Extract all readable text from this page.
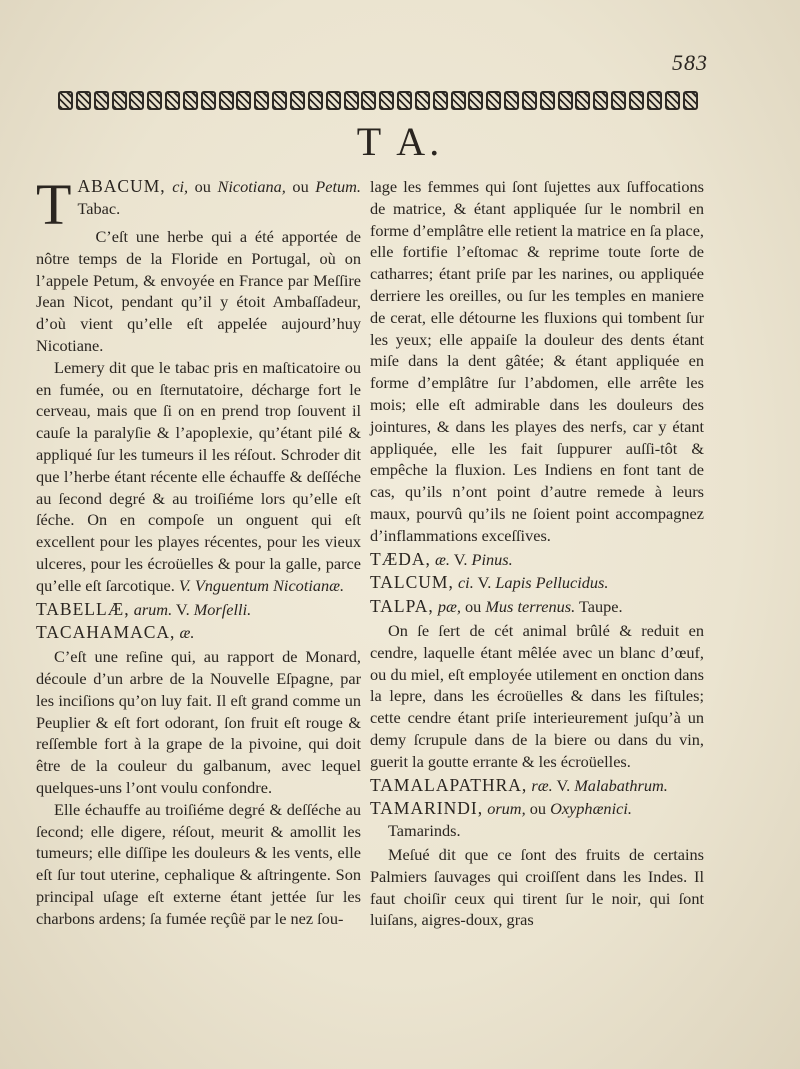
583
T A.
T ABACUM, ci, ou Nicotiana, ou Petum. Tabac.

C’eſt une herbe qui a été apportée de nôtre temps de la Floride en Portugal, où on l’appele Petum, & envoyée en France par Meſſire Jean Nicot, pendant qu’il y étoit Ambaſſadeur, d’où vient qu’elle eſt appelée aujourd’huy Nicotiane.

Lemery dit que le tabac pris en maſticatoire ou en fumée, ou en ſternutatoire, décharge fort le cerveau, mais que ſi on en prend trop ſouvent il cauſe la paralyſie & l’apoplexie, qu’étant pilé & appliqué ſur les tumeurs il les réſout. Schroder dit que l’herbe étant récente elle échauffe & deſſéche au ſecond degré & au troiſiéme lors qu’elle eſt ſéche. On en compoſe un onguent qui eſt excellent pour les playes récentes, pour les vieux ulceres, pour les écroüelles & pour la galle, parce qu’elle eſt ſarcotique. V. Vnguentum Nicotianæ.

TABELLÆ, arum. V. Morſelli.

TACAHAMACA, æ.

C’eſt une reſine qui, au rapport de Monard, découle d’un arbre de la Nouvelle Eſpagne, par les inciſions qu’on luy fait. Il eſt grand comme un Peuplier & eſt fort odorant, ſon fruit eſt rouge & reſſemble fort à la grape de la pivoine, qui doit être de la couleur du galbanum, avec lequel quelques-uns l’ont voulu confondre.

Elle échauffe au troiſiéme degré & deſſéche au ſecond; elle digere, réſout, meurit & amollit les tumeurs; elle diſſipe les douleurs & les vents, elle eſt ſur tout uterine, cephalique & aſtringente. Son principal uſage eſt externe étant jettée ſur les charbons ardens; ſa fumée reçûë par le nez ſou-

lage les femmes qui ſont ſujettes aux ſuffocations de matrice, & étant appliquée ſur le nombril en forme d’emplâtre elle retient la matrice en ſa place, elle fortifie l’eſtomac & reprime toute ſorte de catharres; étant priſe par les narines, ou appliquée derriere les oreilles, ou ſur les temples en maniere de cerat, elle détourne les fluxions qui tombent ſur les yeux; elle appaiſe la douleur des dents étant miſe dans la dent gâtée; & étant appliquée en forme d’emplâtre ſur l’abdomen, elle arrête les mois; elle eſt admirable dans les douleurs des jointures, & dans les playes des nerfs, car y étant appliquée, elle les fait ſuppurer auſſi-tôt & empêche la fluxion. Les Indiens en font tant de cas, qu’ils n’ont point d’autre remede à leurs maux, pourvû qu’ils ne ſoient point accompagnez d’inflammations exceſſives.

TÆDA, æ. V. Pinus.

TALCUM, ci. V. Lapis Pellucidus.

TALPA, pæ, ou Mus terrenus. Taupe.

On ſe ſert de cét animal brûlé & reduit en cendre, laquelle étant mêlée avec un blanc d’œuf, ou du miel, eſt employée utilement en onction dans la lepre, dans les écroüelles & dans les fiſtules; cette cendre étant priſe interieurement juſqu’à un demy ſcrupule dans de la biere ou dans du vin, guerit la goutte errante & les écroüelles.

TAMALAPATHRA, ræ. V. Malabathrum.

TAMARINDI, orum, ou Oxyphænici.
Tamarinds.

Meſué dit que ce ſont des fruits de certains Palmiers ſauvages qui croiſſent dans les Indes. Il faut choiſir ceux qui tirent ſur le noir, qui ſont luiſans, aigres-doux, gras
